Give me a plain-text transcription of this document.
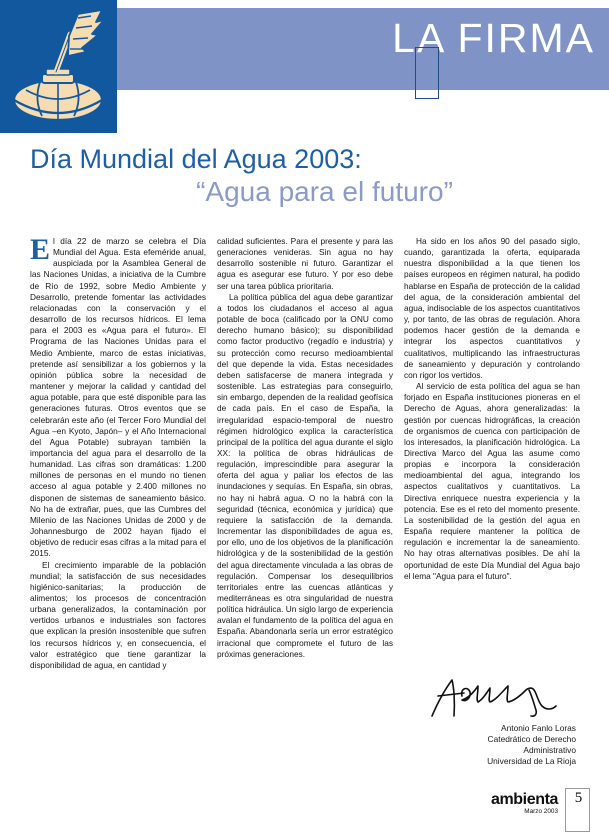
LA FIRMA
Día Mundial del Agua 2003:
“Agua para el futuro”

El día 22 de marzo se celebra el Día Mundial del Agua. Esta efeméride anual, auspiciada por la Asamblea General de las Naciones Unidas, a iniciativa de la Cumbre de Río de 1992, sobre Medio Ambiente y Desarrollo, pretende fomentar las actividades relacionadas con la conservación y el desarrollo de los recursos hídricos. El lema para el 2003 es «Agua para el futuro». El Programa de las Naciones Unidas para el Medio Ambiente, marco de estas iniciativas, pretende así sensibilizar a los gobiernos y la opinión pública sobre la necesidad de mantener y mejorar la calidad y cantidad del agua potable, para que esté disponible para las generaciones futuras. Otros eventos que se celebrarán este año (el Tercer Foro Mundial del Agua –en Kyoto, Japón– y el Año Internacional del Agua Potable) subrayan también la importancia del agua para el desarrollo de la humanidad. Las cifras son dramáticas: 1.200 millones de personas en el mundo no tienen acceso al agua potable y 2.400 millones no disponen de sistemas de saneamiento básico. No ha de extrañar, pues, que las Cumbres del Milenio de las Naciones Unidas de 2000 y de Johannesburgo de 2002 hayan fijado el objetivo de reducir esas cifras a la mitad para el 2015.

El crecimiento imparable de la población mundial; la satisfacción de sus necesidades higiénico-sanitarias; la producción de alimentos; los procesos de concentración urbana generalizados, la contaminación por vertidos urbanos e industriales son factores que explican la presión insostenible que sufren los recursos hídricos y, en consecuencia, el valor estratégico que tiene garantizar la disponibilidad de agua, en cantidad y

calidad suficientes. Para el presente y para las generaciones venideras. Sin agua no hay desarrollo sostenible ni futuro. Garantizar el agua es asegurar ese futuro. Y por eso debe ser una tarea pública prioritaria.

La política pública del agua debe garantizar a todos los ciudadanos el acceso al agua potable de boca (calificado por la ONU como derecho humano básico); su disponibilidad como factor productivo (regadío e industria) y su protección como recurso medioambiental del que depende la vida. Estas necesidades deben satisfacerse de manera integrada y sostenible. Las estrategias para conseguirlo, sin embargo, dependen de la realidad geofísica de cada país. En el caso de España, la irregularidad espacio-temporal de nuestro régimen hidrológico explica la característica principal de la política del agua durante el siglo XX: la política de obras hidráulicas de regulación, imprescindible para asegurar la oferta del agua y paliar los efectos de las inundaciones y sequías. En España, sin obras, no hay ni habrá agua. O no la habrá con la seguridad (técnica, económica y jurídica) que requiere la satisfacción de la demanda. Incrementar las disponibilidades de agua es, por ello, uno de los objetivos de la planificación hidrológica y de la sostenibilidad de la gestión del agua directamente vinculada a las obras de regulación. Compensar los desequilibrios territoriales entre las cuencas atlánticas y mediterráneas es otra singularidad de nuestra política hidráulica. Un siglo largo de experiencia avalan el fundamento de la política del agua en España. Abandonarla sería un error estratégico irracional que compromete el futuro de las próximas generaciones.

Ha sido en los años 90 del pasado siglo, cuando, garantizada la oferta, equiparada nuestra disponibilidad a la que tienen los países europeos en régimen natural, ha podido hablarse en España de protección de la calidad del agua, de la consideración ambiental del agua, indisociable de los aspectos cuantitativos y, por tanto, de las obras de regulación. Ahora podemos hacer gestión de la demanda e integrar los aspectos cuantitativos y cualitativos, multiplicando las infraestructuras de saneamiento y depuración y controlando con rigor los vertidos.

Al servicio de esta política del agua se han forjado en España instituciones pioneras en el Derecho de Aguas, ahora generalizadas: la gestión por cuencas hidrográficas, la creación de organismos de cuenca con participación de los interesados, la planificación hidrológica. La Directiva Marco del Agua las asume como propias e incorpora la consideración medioambiental del agua, integrando los aspectos cualitativos y cuantitativos. La Directiva enriquece nuestra experiencia y la potencia. Ese es el reto del momento presente. La sostenibilidad de la gestión del agua en España requiere mantener la política de regulación e incrementar la de saneamiento. No hay otras alternativas posibles. De ahí la oportunidad de este Día Mundial del Agua bajo el lema "Agua para el futuro".

Antonio Fanlo Loras
Catedrático de Derecho
Administrativo
Universidad de La Rioja
ambienta
Marzo 2003
5
